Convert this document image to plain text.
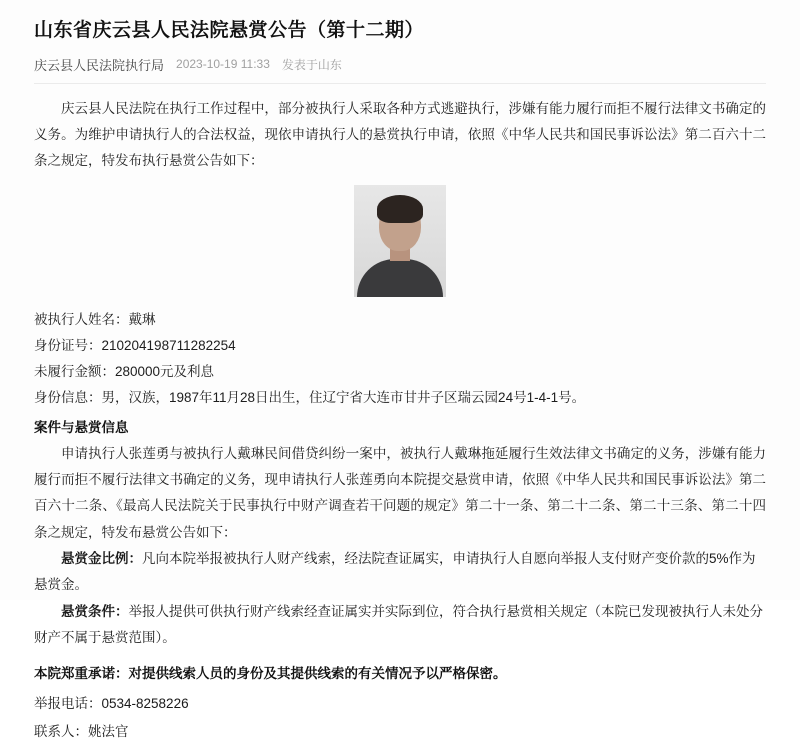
山东省庆云县人民法院悬赏公告（第十二期）
庆云县人民法院执行局 2023-10-19 11:33 发表于山东
庆云县人民法院在执行工作过程中，部分被执行人采取各种方式逃避执行，涉嫌有能力履行而拒不履行法律文书确定的义务。为维护申请执行人的合法权益，现依申请执行人的悬赏执行申请，依照《中华人民共和国民事诉讼法》第二百六十二条之规定，特发布执行悬赏公告如下：
被执行人姓名：戴琳
身份证号：210204198711282254
未履行金额：280000元及利息
身份信息：男，汉族，1987年11月28日出生，住辽宁省大连市甘井子区瑞云园24号1-4-1号。
案件与悬赏信息
申请执行人张莲勇与被执行人戴琳民间借贷纠纷一案中，被执行人戴琳拖延履行生效法律文书确定的义务，涉嫌有能力履行而拒不履行法律文书确定的义务，现申请执行人张莲勇向本院提交悬赏申请，依照《中华人民共和国民事诉讼法》第二百六十二条、《最高人民法院关于民事执行中财产调查若干问题的规定》第二十一条、第二十二条、第二十三条、第二十四条之规定，特发布悬赏公告如下：
悬赏金比例：凡向本院举报被执行人财产线索，经法院查证属实，申请执行人自愿向举报人支付财产变价款的5%作为悬赏金。
悬赏条件：举报人提供可供执行财产线索经查证属实并实际到位，符合执行悬赏相关规定（本院已发现被执行人未处分财产不属于悬赏范围）。
本院郑重承诺：对提供线索人员的身份及其提供线索的有关情况予以严格保密。
举报电话：0534-8258226
联系人：姚法官
